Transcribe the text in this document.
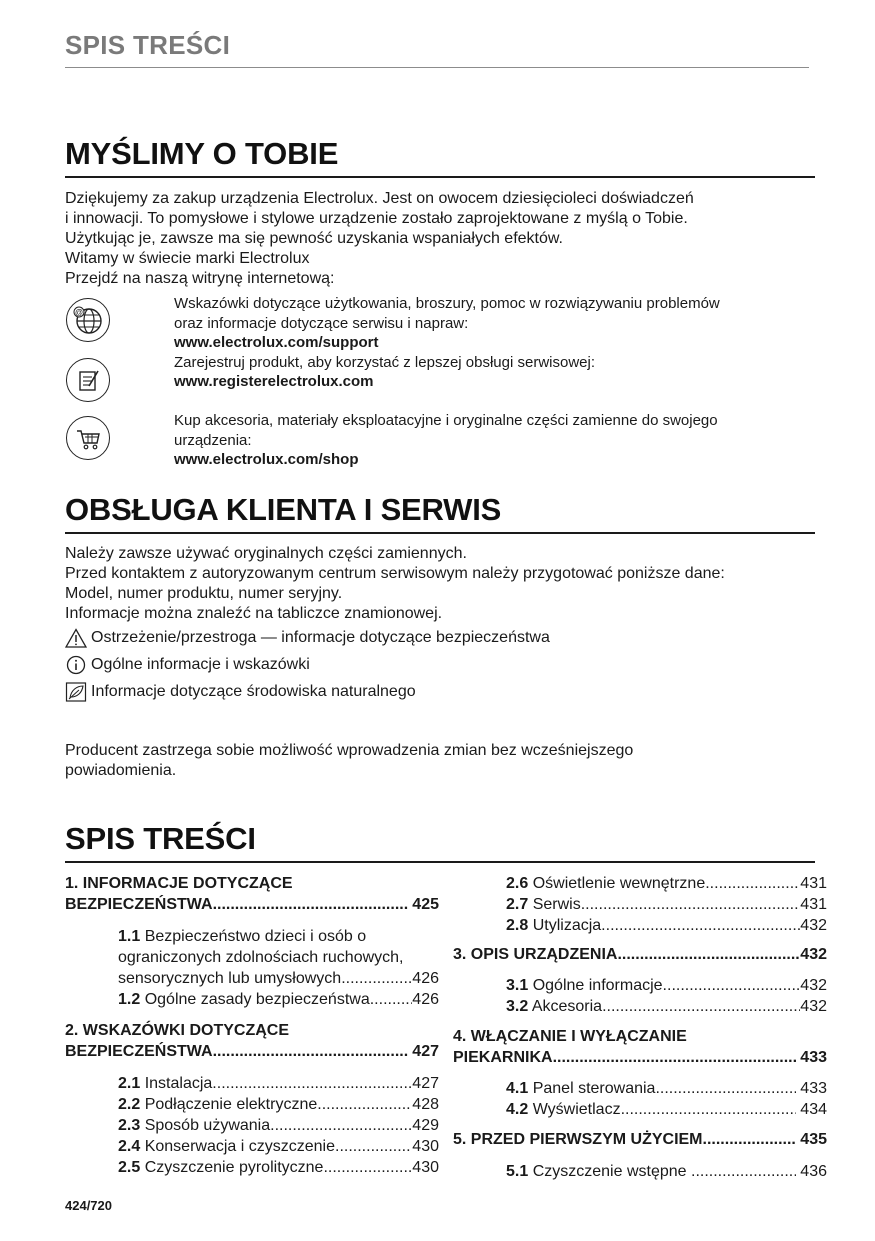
SPIS TREŚCI
MYŚLIMY O TOBIE
Dziękujemy za zakup urządzenia Electrolux. Jest on owocem dziesięcioleci doświadczeń
i innowacji. To pomysłowe i stylowe urządzenie zostało zaprojektowane z myślą o Tobie.
Użytkując je, zawsze ma się pewność uzyskania wspaniałych efektów.
Witamy w świecie marki Electrolux
Przejdź na naszą witrynę internetową:
@
Wskazówki dotyczące użytkowania, broszury, pomoc w rozwiązywaniu problemów
oraz informacje dotyczące serwisu i napraw:
www.electrolux.com/support
Zarejestruj produkt, aby korzystać z lepszej obsługi serwisowej:
www.registerelectrolux.com
Kup akcesoria, materiały eksploatacyjne i oryginalne części zamienne do swojego
urządzenia:
www.electrolux.com/shop
OBSŁUGA KLIENTA I SERWIS
Należy zawsze używać oryginalnych części zamiennych.
Przed kontaktem z autoryzowanym centrum serwisowym należy przygotować poniższe dane:
Model, numer produktu, numer seryjny.
Informacje można znaleźć na tabliczce znamionowej.
Ostrzeżenie/przestroga — informacje dotyczące bezpieczeństwa
Ogólne informacje i wskazówki
Informacje dotyczące środowiska naturalnego
Producent zastrzega sobie możliwość wprowadzenia zmian bez wcześniejszego
powiadomienia.
SPIS TREŚCI
1. INFORMACJE DOTYCZĄCE
BEZPIECZEŃSTWA .....	425
1.1 Bezpieczeństwo dzieci i osób o
ograniczonych zdolnościach ruchowych,
sensorycznych lub umysłowych .....	426
1.2 Ogólne zasady bezpieczeństwa .....	426
2. WSKAZÓWKI DOTYCZĄCE
BEZPIECZEŃSTWA .....	427
2.1 Instalacja .....	427
2.2 Podłączenie elektryczne .....	428
2.3 Sposób używania .....	429
2.4 Konserwacja i czyszczenie .....	430
2.5 Czyszczenie pyrolityczne .....	430
2.6 Oświetlenie wewnętrzne .....	431
2.7 Serwis .....	431
2.8 Utylizacja .....	432
3. OPIS URZĄDZENIA .....	432
3.1 Ogólne informacje .....	432
3.2 Akcesoria .....	432
4. WŁĄCZANIE I WYŁĄCZANIE
PIEKARNIKA .....	433
4.1 Panel sterowania .....	433
4.2 Wyświetlacz .....	434
5. PRZED PIERWSZYM UŻYCIEM .....	435
5.1 Czyszczenie wstępne .....	436
424/720
